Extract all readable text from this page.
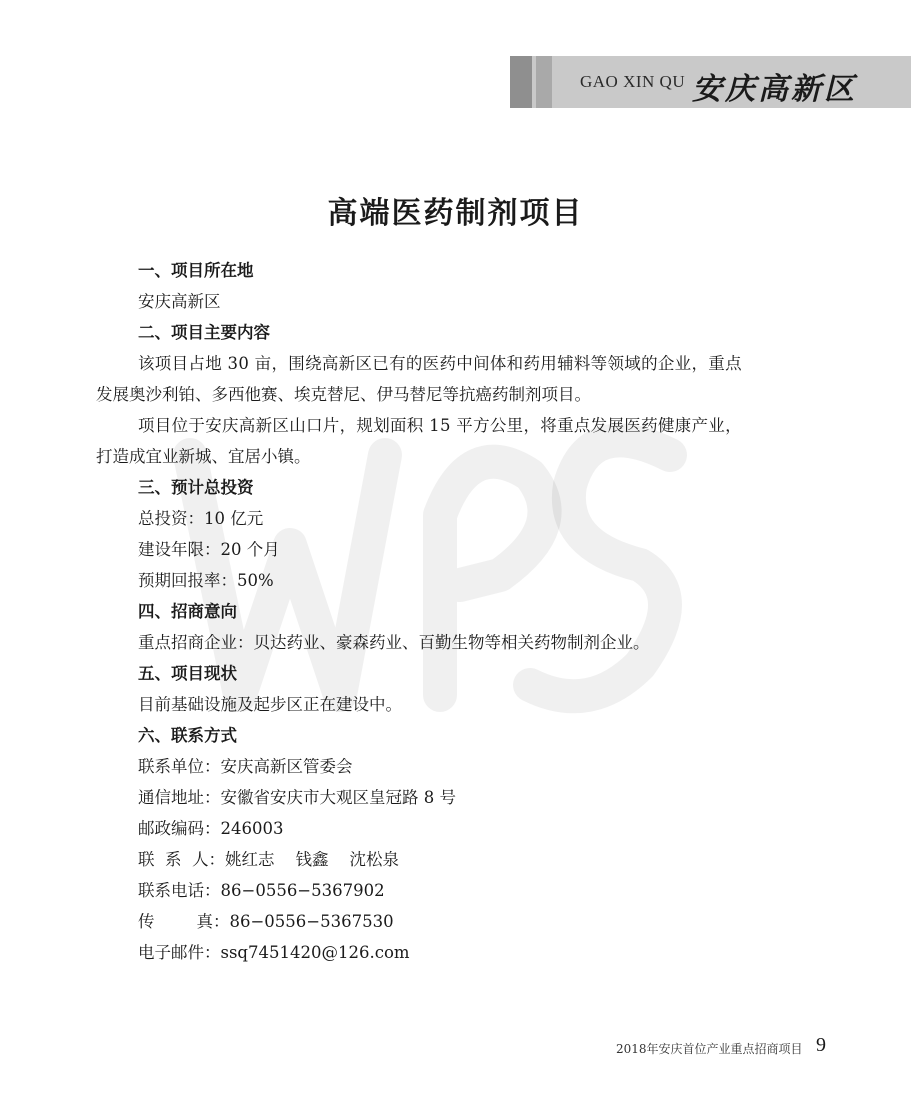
GAO XIN QU 安庆高新区
高端医药制剂项目
一、项目所在地
安庆高新区
二、项目主要内容
该项目占地 30 亩，围绕高新区已有的医药中间体和药用辅料等领域的企业，重点
发展奥沙利铂、多西他赛、埃克替尼、伊马替尼等抗癌药制剂项目。
项目位于安庆高新区山口片，规划面积 15 平方公里，将重点发展医药健康产业，
打造成宜业新城、宜居小镇。
三、预计总投资
总投资：10 亿元
建设年限：20 个月
预期回报率：50%
四、招商意向
重点招商企业：贝达药业、豪森药业、百勤生物等相关药物制剂企业。
五、项目现状
目前基础设施及起步区正在建设中。
六、联系方式
联系单位：安庆高新区管委会
通信地址：安徽省安庆市大观区皇冠路 8 号
邮政编码：246003
联  系  人：姚红志    钱鑫    沈松泉
联系电话：86−0556−5367902
传        真：86−0556−5367530
电子邮件：ssq7451420@126.com
2018年安庆首位产业重点招商项目 9
